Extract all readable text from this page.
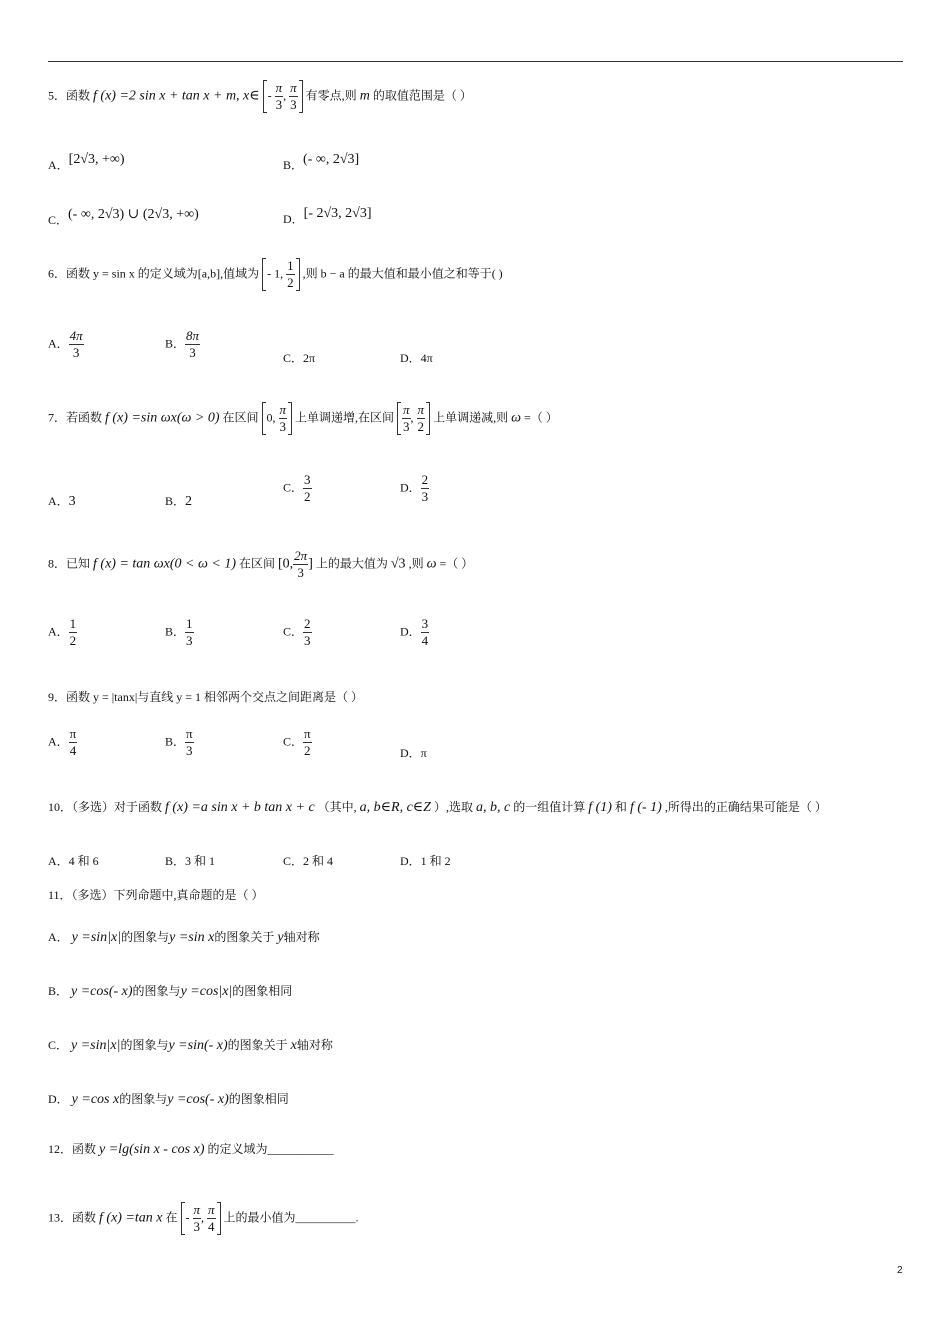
5．函数 f (x) =2 sin x + tan x + m, x∈ - $\frac{\pi}{3}$ , $\frac{\pi}{3}$ 有零点,则 m 的取值范围是（ ）
A．[2√3, +∞)	B．(- ∞, 2√3]
C．(- ∞, 2√3) ∪ (2√3, +∞)	D．[- 2√3, 2√3]
6．函数 y = sin x 的定义域为[a,b],值域为 - 1, $\frac{1}{2}$ ,则 b − a 的最大值和最小值之和等于( )
A． $\frac{4\pi}{3}$	B． $\frac{8\pi}{3}$	C．2π	D．4π
7．若函数 f (x) =sin ωx(ω > 0) 在区间 0, $\frac{\pi}{3}$ 上单调递增,在区间 $\frac{\pi}{3}$ , $\frac{\pi}{2}$ 上单调递减,则 ω =（ ）
A．3	B．2
C． $\frac{3}{2}$	D． $\frac{2}{3}$
8．已知 f (x) = tan ωx(0 < ω < 1) 在区间 [0, $\frac{2\pi}{3}$ ] 上的最大值为 √3 ,则 ω =（ ）
A． $\frac{1}{2}$	B． $\frac{1}{3}$	C． $\frac{2}{3}$	D． $\frac{3}{4}$
9．函数 y = |tanx|与直线 y = 1 相邻两个交点之间距离是（ ）
A． $\frac{\pi}{4}$	B． $\frac{\pi}{3}$	C． $\frac{\pi}{2}$	D．π
10．（多选）对于函数 f (x) =a sin x + b tan x + c （其中, a, b∈R, c∈Z ）,选取 a, b, c 的一组值计算 f (1) 和 f (- 1) ,所得出的正确结果可能是（ ）
A．4 和 6	B．3 和 1	C．2 和 4	D．1 和 2
11．（多选）下列命题中,真命题的是（ ）
A． y =sin|x|的图象与y =sin x的图象关于 y轴对称
B． y =cos(- x)的图象与y =cos|x|的图象相同
C． y =sin|x|的图象与y =sin(- x)的图象关于 x轴对称
D． y =cos x的图象与y =cos(- x)的图象相同
12．函数 y =lg(sin x - cos x) 的定义域为___________
13．函数 f (x) =tan x 在 - $\frac{\pi}{3}$ , $\frac{\pi}{4}$ 上的最小值为__________.
2
